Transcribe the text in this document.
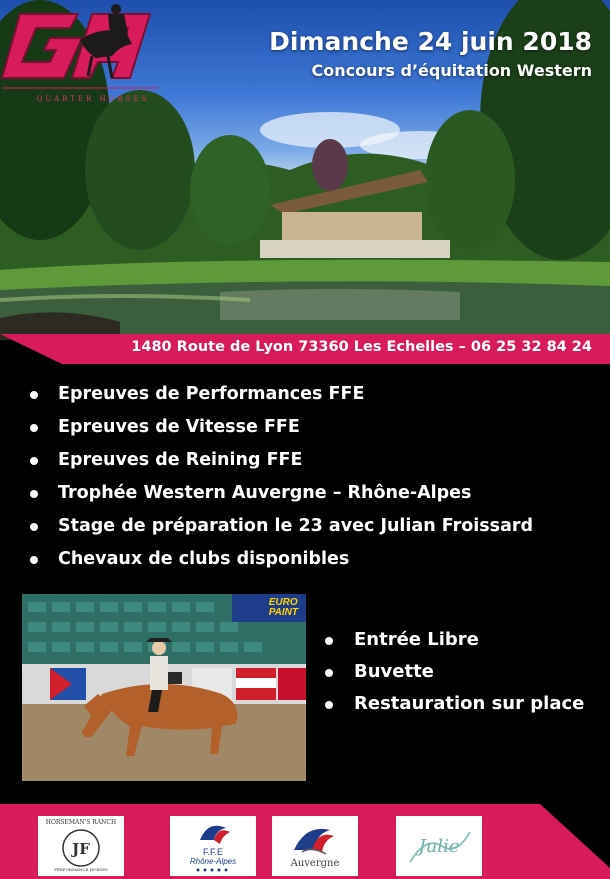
QUARTER HORSES
Dimanche 24 juin 2018
Concours d’équitation Western
1480 Route de Lyon 73360 Les Echelles – 06 25 32 84 24
Epreuves de Performances FFE
Epreuves de Vitesse FFE
Epreuves de Reining FFE
Trophée Western Auvergne – Rhône-Alpes
Stage de préparation le 23 avec Julian Froissard
Chevaux de clubs disponibles
EURO
PAINT
Entrée Libre
Buvette
Restauration sur place
JF
HORSEMAN'S RANCH
PERFORMANCE HORSES
F.F.E
Rhône-Alpes	Auvergne
Julie
